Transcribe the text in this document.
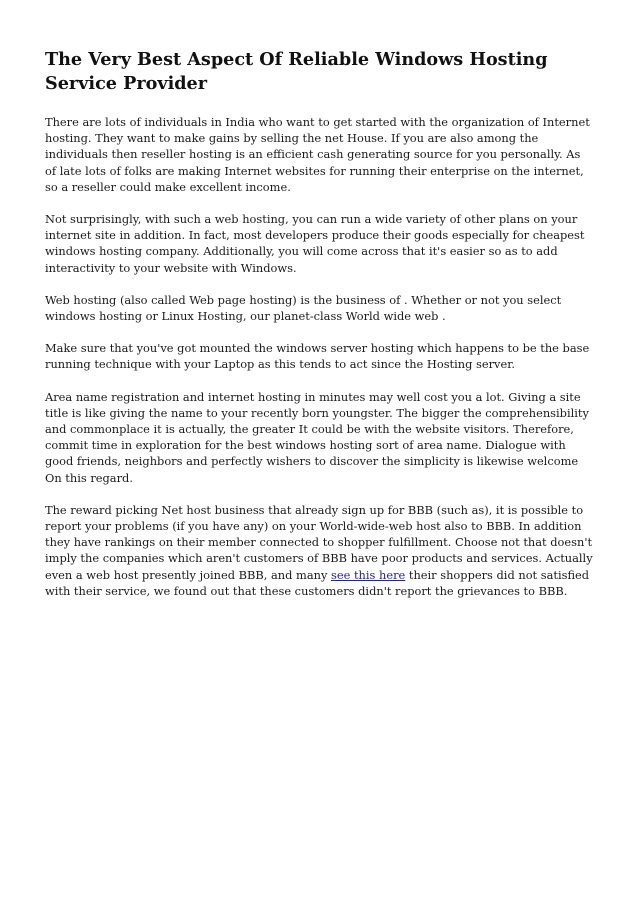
The Very Best Aspect Of Reliable Windows Hosting Service Provider

There are lots of individuals in India who want to get started with the organization of Internet hosting. They want to make gains by selling the net House. If you are also among the individuals then reseller hosting is an efficient cash generating source for you personally. As of late lots of folks are making Internet websites for running their enterprise on the internet, so a reseller could make excellent income.

Not surprisingly, with such a web hosting, you can run a wide variety of other plans on your internet site in addition. In fact, most developers produce their goods especially for cheapest windows hosting company. Additionally, you will come across that it's easier so as to add interactivity to your website with Windows.

Web hosting (also called Web page hosting) is the business of . Whether or not you select windows hosting or Linux Hosting, our planet-class World wide web .

Make sure that you've got mounted the windows server hosting which happens to be the base running technique with your Laptop as this tends to act since the Hosting server.

Area name registration and internet hosting in minutes may well cost you a lot. Giving a site title is like giving the name to your recently born youngster. The bigger the comprehensibility and commonplace it is actually, the greater It could be with the website visitors. Therefore, commit time in exploration for the best windows hosting sort of area name. Dialogue with good friends, neighbors and perfectly wishers to discover the simplicity is likewise welcome On this regard.

The reward picking Net host business that already sign up for BBB (such as), it is possible to report your problems (if you have any) on your World-wide-web host also to BBB. In addition they have rankings on their member connected to shopper fulfillment. Choose not that doesn't imply the companies which aren't customers of BBB have poor products and services. Actually even a web host presently joined BBB, and many see this here their shoppers did not satisfied with their service, we found out that these customers didn't report the grievances to BBB.
